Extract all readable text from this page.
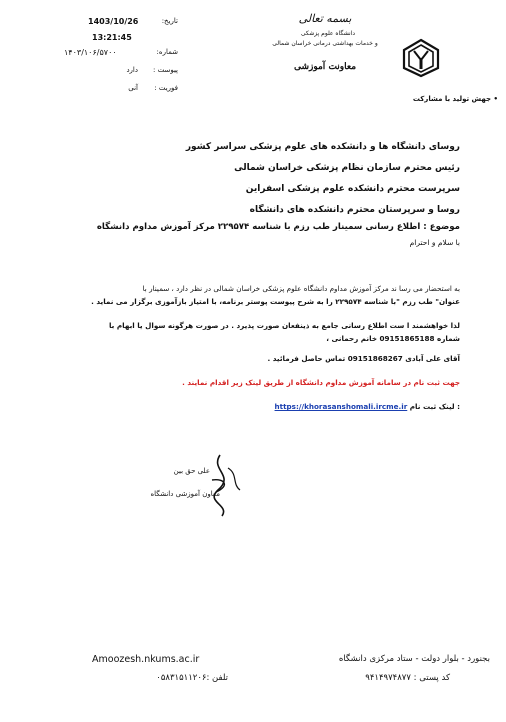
تاریخ:
1403/10/26
13:21:45
شماره:
۱۴۰۳/۱۰۶/۵۷۰۰
پیوست :
دارد
فوریت :
آنی
بسمه تعالی
دانشگاه علوم پزشکی
و خدمات بهداشتی درمانی خراسان شمالی
معاونت آموزشی
• جهش تولید با مشارکت
روسای دانشگاه ها و دانشکده های علوم پزشکی سراسر کشور
رئیس محترم سازمان نظام پزشکی خراسان شمالی
سرپرست محترم دانشکده علوم پزشکی اسفراین
روسا و سرپرستان محترم دانشکده های دانشگاه
موضوع : اطلاع رسانی سمینار طب رزم با شناسه ۲۲۹۵۷۴ مرکز آموزش مداوم دانشگاه
با سلام و احترام
به استحضار می رسا ند مرکز آموزش مداوم دانشگاه علوم پزشکی خراسان شمالی در نظر دارد ، سمینار با
عنوان" طب رزم "با شناسه ۲۲۹۵۷۴ را به شرح پیوست پوستر برنامه، با امتیاز بازآموزی برگزار می نماید .
لذا خواهشمند ا ست اطلاع رسانی جامع به ذینفعان صورت پذیرد . در صورت هرگونه سوال یا ابهام با
شماره 09151865188 خانم رحمانی ،
آقای علی آبادی 09151868267 تماس حاصل فرمائید .
جهت ثبت نام در سامانه آموزش مداوم دانشگاه از طریق لینک زیر اقدام نمایند .
: لینک ثبت نام https://khorasanshomali.ircme.ir
علی حق بین
معاون آموزشی دانشگاه
Amoozesh.nkums.ac.ir	بجنورد - بلوار دولت - ستاد مرکزی دانشگاه
تلفن :۰۵۸۳۱۵۱۱۲۰۶	کد پستی : ۹۴۱۴۹۷۴۸۷۷
